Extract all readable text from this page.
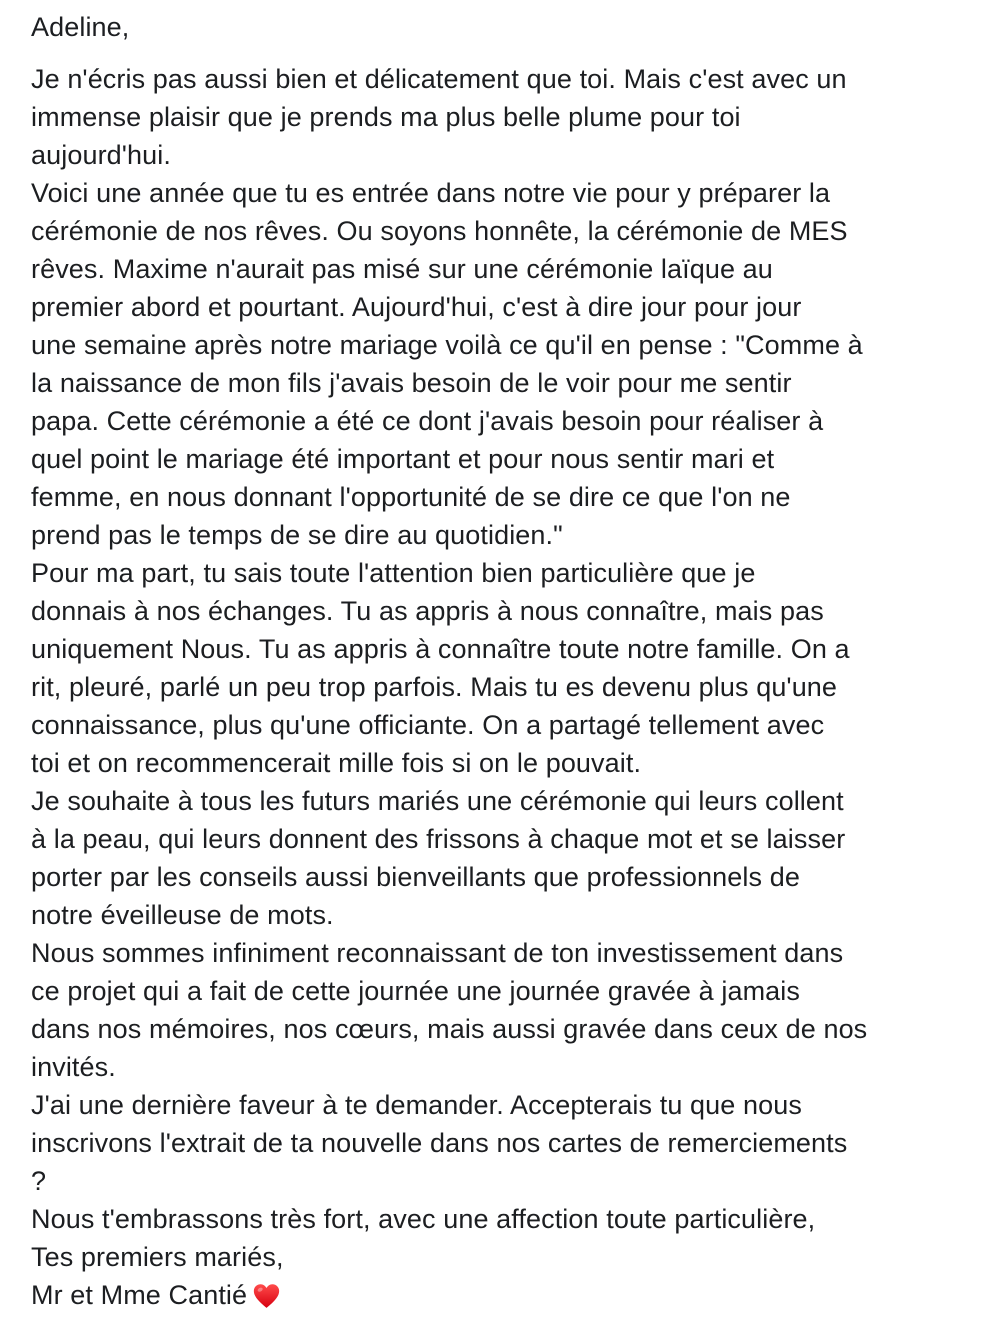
Adeline,

Je n'écris pas aussi bien et délicatement que toi. Mais c'est avec un
immense plaisir que je prends ma plus belle plume pour toi
aujourd'hui.

Voici une année que tu es entrée dans notre vie pour y préparer la
cérémonie de nos rêves. Ou soyons honnête, la cérémonie de MES
rêves. Maxime n'aurait pas misé sur une cérémonie laïque au
premier abord et pourtant. Aujourd'hui, c'est à dire jour pour jour
une semaine après notre mariage voilà ce qu'il en pense : "Comme à
la naissance de mon fils j'avais besoin de le voir pour me sentir
papa. Cette cérémonie a été ce dont j'avais besoin pour réaliser à
quel point le mariage été important et pour nous sentir mari et
femme, en nous donnant l'opportunité de se dire ce que l'on ne
prend pas le temps de se dire au quotidien."

Pour ma part, tu sais toute l'attention bien particulière que je
donnais à nos échanges. Tu as appris à nous connaître, mais pas
uniquement Nous. Tu as appris à connaître toute notre famille. On a
rit, pleuré, parlé un peu trop parfois. Mais tu es devenu plus qu'une
connaissance, plus qu'une officiante. On a partagé tellement avec
toi et on recommencerait mille fois si on le pouvait.

Je souhaite à tous les futurs mariés une cérémonie qui leurs collent
à la peau, qui leurs donnent des frissons à chaque mot et se laisser
porter par les conseils aussi bienveillants que professionnels de
notre éveilleuse de mots.

Nous sommes infiniment reconnaissant de ton investissement dans
ce projet qui a fait de cette journée une journée gravée à jamais
dans nos mémoires, nos cœurs, mais aussi gravée dans ceux de nos
invités.

J'ai une dernière faveur à te demander. Accepterais tu que nous
inscrivons l'extrait de ta nouvelle dans nos cartes de remerciements
?

Nous t'embrassons très fort, avec une affection toute particulière,

Tes premiers mariés,

Mr et Mme Cantié
